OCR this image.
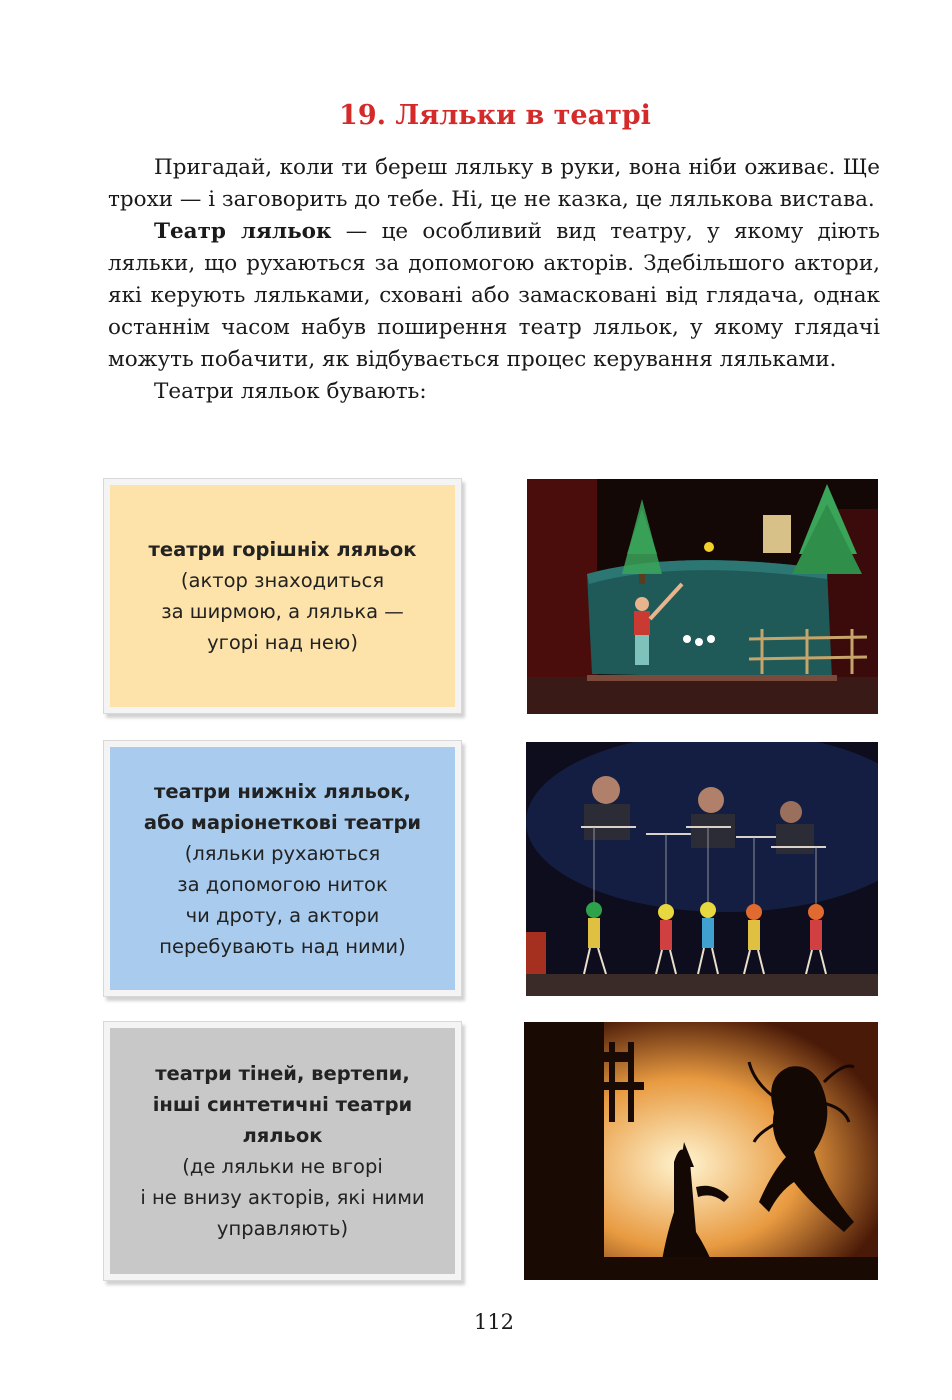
19. Ляльки в театрі

Пригадай, коли ти береш ляльку в руки, вона ніби оживає. Ще трохи — і заговорить до тебе. Ні, це не казка, це лялькова вистава.

Театр ляльок — це особливий вид театру, у якому діють ляльки, що рухаються за допомогою акторів. Здебільшого актори, які керують ляльками, сховані або замасковані від глядача, однак останнім часом набув поширення театр ляльок, у якому глядачі можуть побачити, як відбувається процес керування ляльками.

Театри ляльок бувають:

театри горішніх ляльок
(актор знаходиться
за ширмою, а лялька —
угорі над нею)
театри нижніх ляльок,
або маріонеткові театри
(ляльки рухаються
за допомогою ниток
чи дроту, а актори
перебувають над ними)
театри тіней, вертепи,
інші синтетичні театри
ляльок
(де ляльки не вгорі
і не внизу акторів, які ними
управляють)
112
